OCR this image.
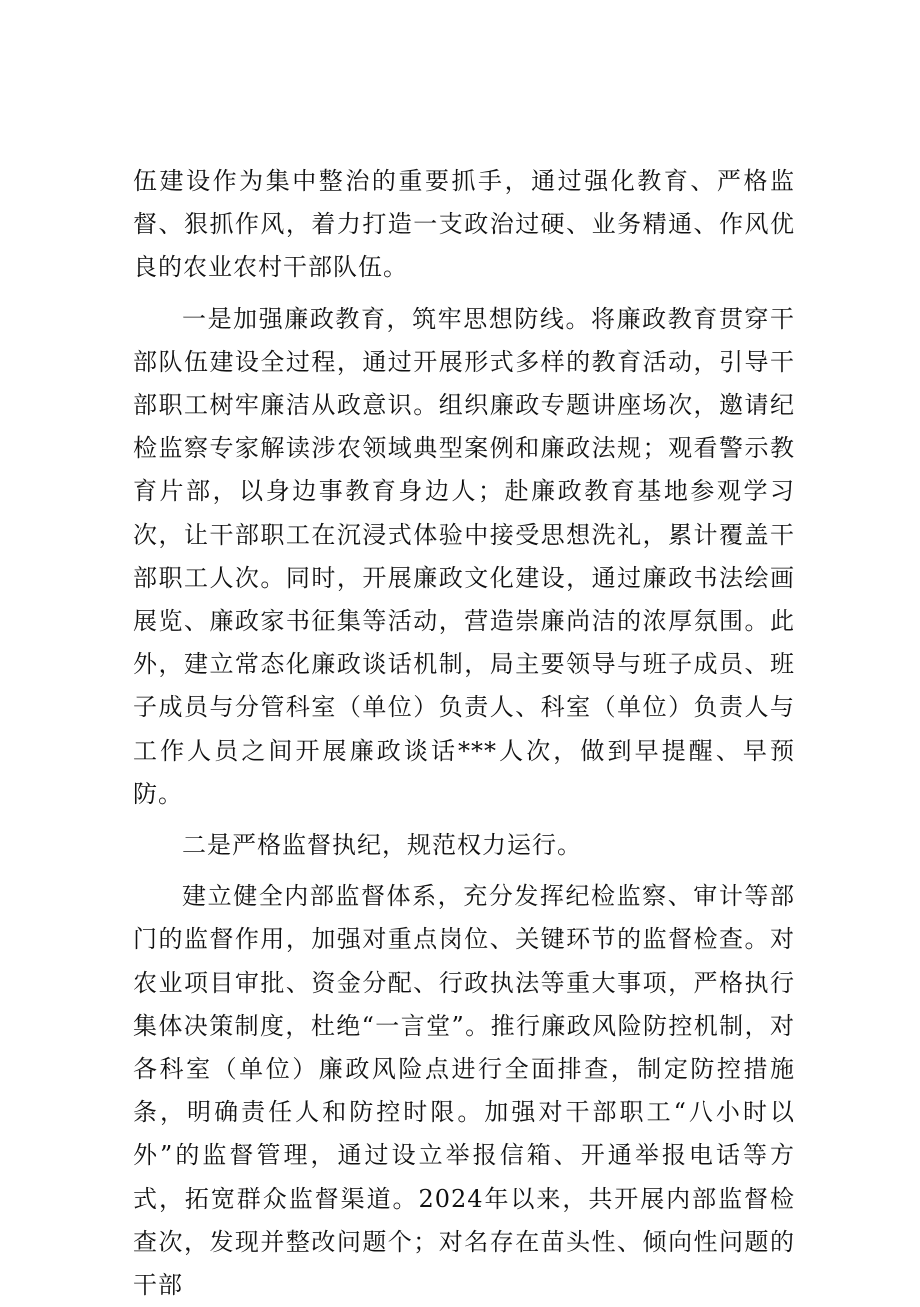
伍建设作为集中整治的重要抓手，通过强化教育、严格监督、狠抓作风，着力打造一支政治过硬、业务精通、作风优良的农业农村干部队伍。

一是加强廉政教育，筑牢思想防线。将廉政教育贯穿干部队伍建设全过程，通过开展形式多样的教育活动，引导干部职工树牢廉洁从政意识。组织廉政专题讲座场次，邀请纪检监察专家解读涉农领域典型案例和廉政法规；观看警示教育片部，以身边事教育身边人；赴廉政教育基地参观学习次，让干部职工在沉浸式体验中接受思想洗礼，累计覆盖干部职工人次。同时，开展廉政文化建设，通过廉政书法绘画展览、廉政家书征集等活动，营造崇廉尚洁的浓厚氛围。此外，建立常态化廉政谈话机制，局主要领导与班子成员、班子成员与分管科室（单位）负责人、科室（单位）负责人与工作人员之间开展廉政谈话***人次，做到早提醒、早预防。

二是严格监督执纪，规范权力运行。

建立健全内部监督体系，充分发挥纪检监察、审计等部门的监督作用，加强对重点岗位、关键环节的监督检查。对农业项目审批、资金分配、行政执法等重大事项，严格执行集体决策制度，杜绝“一言堂”。推行廉政风险防控机制，对各科室（单位）廉政风险点进行全面排查，制定防控措施条，明确责任人和防控时限。加强对干部职工“八小时以外”的监督管理，通过设立举报信箱、开通举报电话等方式，拓宽群众监督渠道。2024年以来，共开展内部监督检查次，发现并整改问题个；对名存在苗头性、倾向性问题的干部
